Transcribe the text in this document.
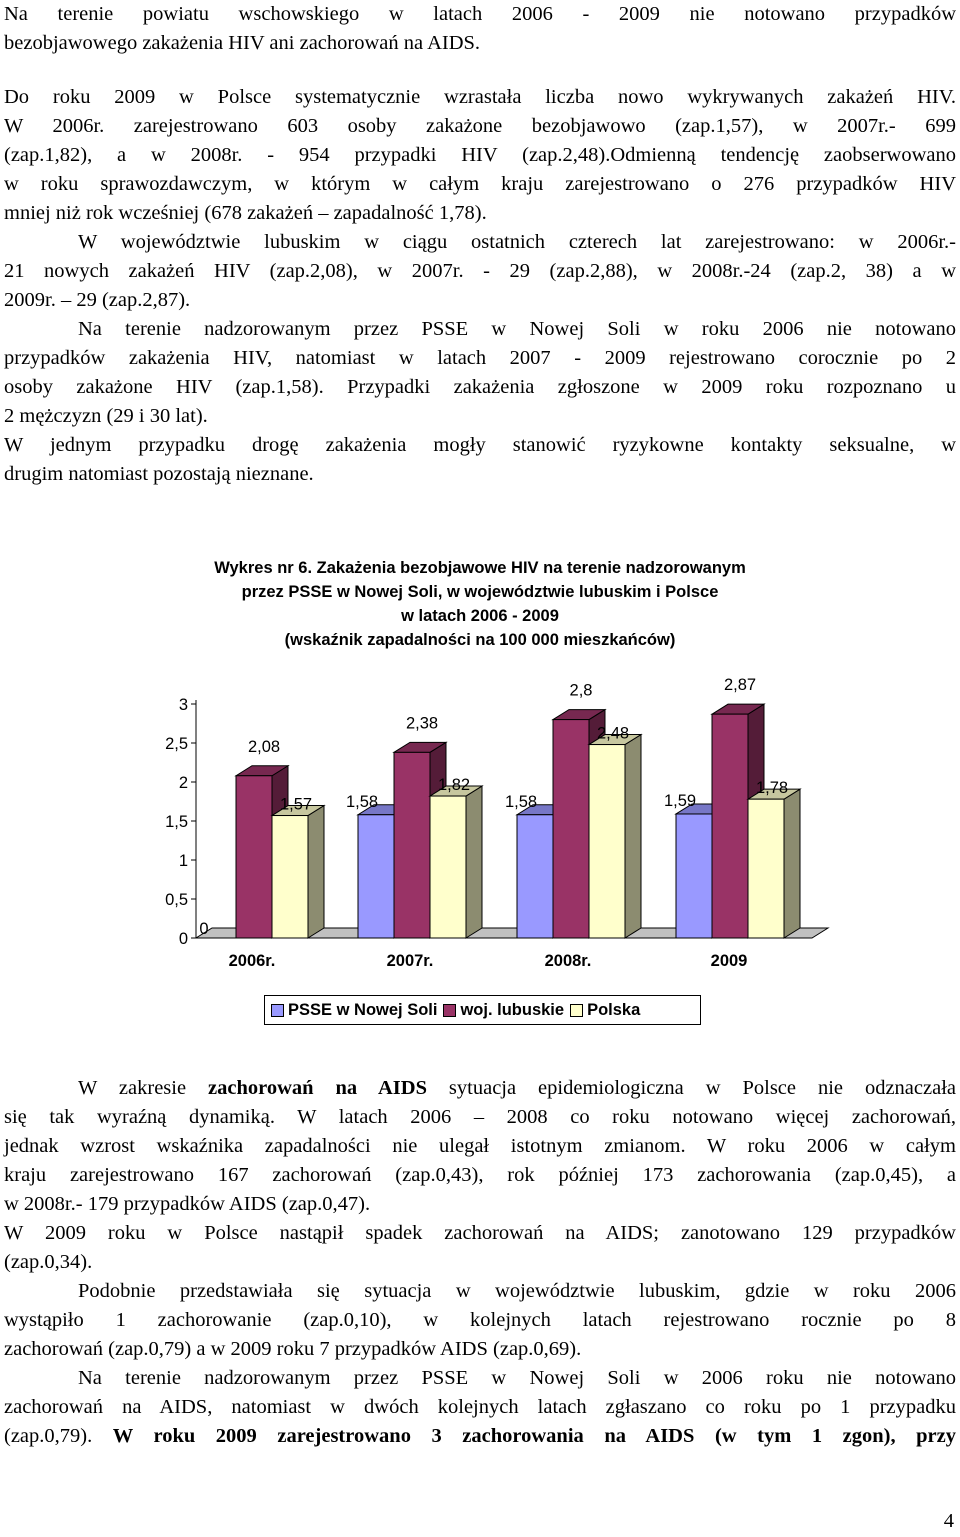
Na terenie powiatu wschowskiego w latach 2006 - 2009 nie notowano przypadków
bezobjawowego zakażenia HIV ani zachorowań na AIDS.
Do roku 2009 w Polsce systematycznie wzrastała liczba nowo wykrywanych zakażeń HIV.
W 2006r. zarejestrowano 603 osoby zakażone bezobjawowo (zap.1,57), w 2007r.- 699
(zap.1,82), a w 2008r. - 954 przypadki HIV (zap.2,48).Odmienną tendencję zaobserwowano
w roku sprawozdawczym, w którym w całym kraju zarejestrowano o 276 przypadków HIV
mniej niż rok wcześniej (678 zakażeń – zapadalność 1,78).
W województwie lubuskim w ciągu ostatnich czterech lat zarejestrowano: w 2006r.-
21 nowych zakażeń HIV (zap.2,08), w 2007r. - 29 (zap.2,88), w 2008r.-24 (zap.2, 38) a w
2009r. – 29 (zap.2,87).
Na terenie nadzorowanym przez PSSE w Nowej Soli w roku 2006 nie notowano
przypadków zakażenia HIV, natomiast w latach 2007 - 2009 rejestrowano corocznie po 2
osoby zakażone HIV (zap.1,58). Przypadki zakażenia zgłoszone w 2009 roku rozpoznano u
2 mężczyzn (29 i 30 lat).
W jednym przypadku drogę zakażenia mogły stanowić ryzykowne kontakty seksualne, w
drugim natomiast pozostają nieznane.
Wykres nr 6. Zakażenia bezobjawowe HIV na terenie nadzorowanym
przez PSSE w Nowej Soli, w województwie lubuskim i Polsce
w latach 2006 - 2009
(wskaźnik zapadalności na 100 000 mieszkańców)
0
0,5
1
1,5
2
2,5
3
0
2,08
1,57
2006r.
1,58
2,38
1,82
2007r.
1,58
2,8
2,48
2008r.
1,59
2,87
1,78
2009
PSSE w Nowej Soli woj. lubuskie Polska
W zakresie zachorowań na AIDS sytuacja epidemiologiczna w Polsce nie odznaczała
się tak wyraźną dynamiką. W latach 2006 – 2008 co roku notowano więcej zachorowań,
jednak wzrost wskaźnika zapadalności nie ulegał istotnym zmianom. W roku 2006 w całym
kraju zarejestrowano 167 zachorowań (zap.0,43), rok później 173 zachorowania (zap.0,45), a
w 2008r.- 179 przypadków AIDS (zap.0,47).
W 2009 roku w Polsce nastąpił spadek zachorowań na AIDS; zanotowano 129 przypadków
(zap.0,34).
Podobnie przedstawiała się sytuacja w województwie lubuskim, gdzie w roku 2006
wystąpiło 1 zachorowanie (zap.0,10), w kolejnych latach rejestrowano rocznie po 8
zachorowań (zap.0,79) a w 2009 roku 7 przypadków AIDS (zap.0,69).
Na terenie nadzorowanym przez PSSE w Nowej Soli w 2006 roku nie notowano
zachorowań na AIDS, natomiast w dwóch kolejnych latach zgłaszano co roku po 1 przypadku
(zap.0,79). W roku 2009 zarejestrowano 3 zachorowania na AIDS (w tym 1 zgon), przy
4
